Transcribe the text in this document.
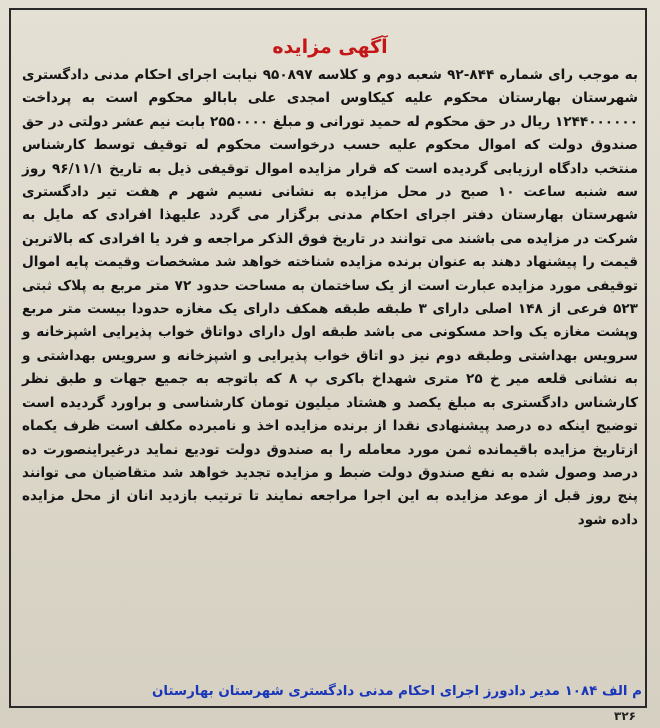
آگهی مزایده

به موجب رای شماره ۸۴۴-۹۲ شعبه دوم و کلاسه ۹۵۰۸۹۷ نیابت اجرای احکام مدنی دادگستری شهرستان بهارستان محکوم علیه کیکاوس امجدی علی بابالو محکوم است به پرداخت ۱۲۴۴۰۰۰۰۰۰ ریال در حق محکوم له حمید تورانی و مبلغ ۲۵۵۰۰۰۰ بابت نیم عشر دولتی در حق صندوق دولت که اموال محکوم علیه حسب درخواست محکوم له توقیف توسط کارشناس منتخب دادگاه ارزیابی گردیده است که قرار مزایده اموال توقیفی ذیل به تاریخ ۹۶/۱۱/۱ روز سه شنبه ساعت ۱۰ صبح در محل مزایده به نشانی نسیم شهر م هفت تیر دادگستری شهرستان بهارستان دفتر اجرای احکام مدنی برگزار می گردد علیهذا افرادی که مایل به شرکت در مزایده می باشند می توانند در تاریخ فوق الذکر مراجعه و فرد یا افرادی که بالاترین قیمت را پیشنهاد دهند به عنوان برنده مزایده شناخته خواهد شد مشخصات وقیمت پایه اموال توقیفی مورد مزایده عبارت است از یک ساختمان به مساحت حدود ۷۲ متر مربع به پلاک ثبتی ۵۲۳ فرعی از ۱۴۸ اصلی دارای ۳ طبقه طبقه همکف دارای یک مغازه حدودا بیست متر مربع وپشت مغازه یک واحد مسکونی می باشد طبقه اول دارای دواتاق خواب پذیرایی اشپزخانه و سرویس بهداشتی وطبقه دوم نیز دو اتاق خواب پذیرایی و اشپزخانه و سرویس بهداشتی و به نشانی قلعه میر خ ۲۵ متری شهداخ باکری پ ۸ که باتوجه به جمیع جهات و طبق نظر کارشناس دادگستری به مبلغ یکصد و هشتاد میلیون تومان کارشناسی و براورد گردیده است توضیح اینکه ده درصد پیشنهادی نقدا از برنده مزایده اخذ و نامبرده مکلف است ظرف یکماه ازتاریخ مزایده باقیمانده ثمن مورد معامله را به صندوق دولت تودیع نماید درغیراینصورت ده درصد وصول شده به نفع صندوق دولت ضبط و مزایده تجدید خواهد شد متقاضیان می توانند پنج روز قبل از موعد مزایده به این اجرا مراجعه نمایند تا ترتیب بازدید انان از محل مزایده داده شود

م الف ۱۰۸۴ مدیر دادورز اجرای احکام مدنی دادگستری شهرستان بهارستان
۳۲۶
